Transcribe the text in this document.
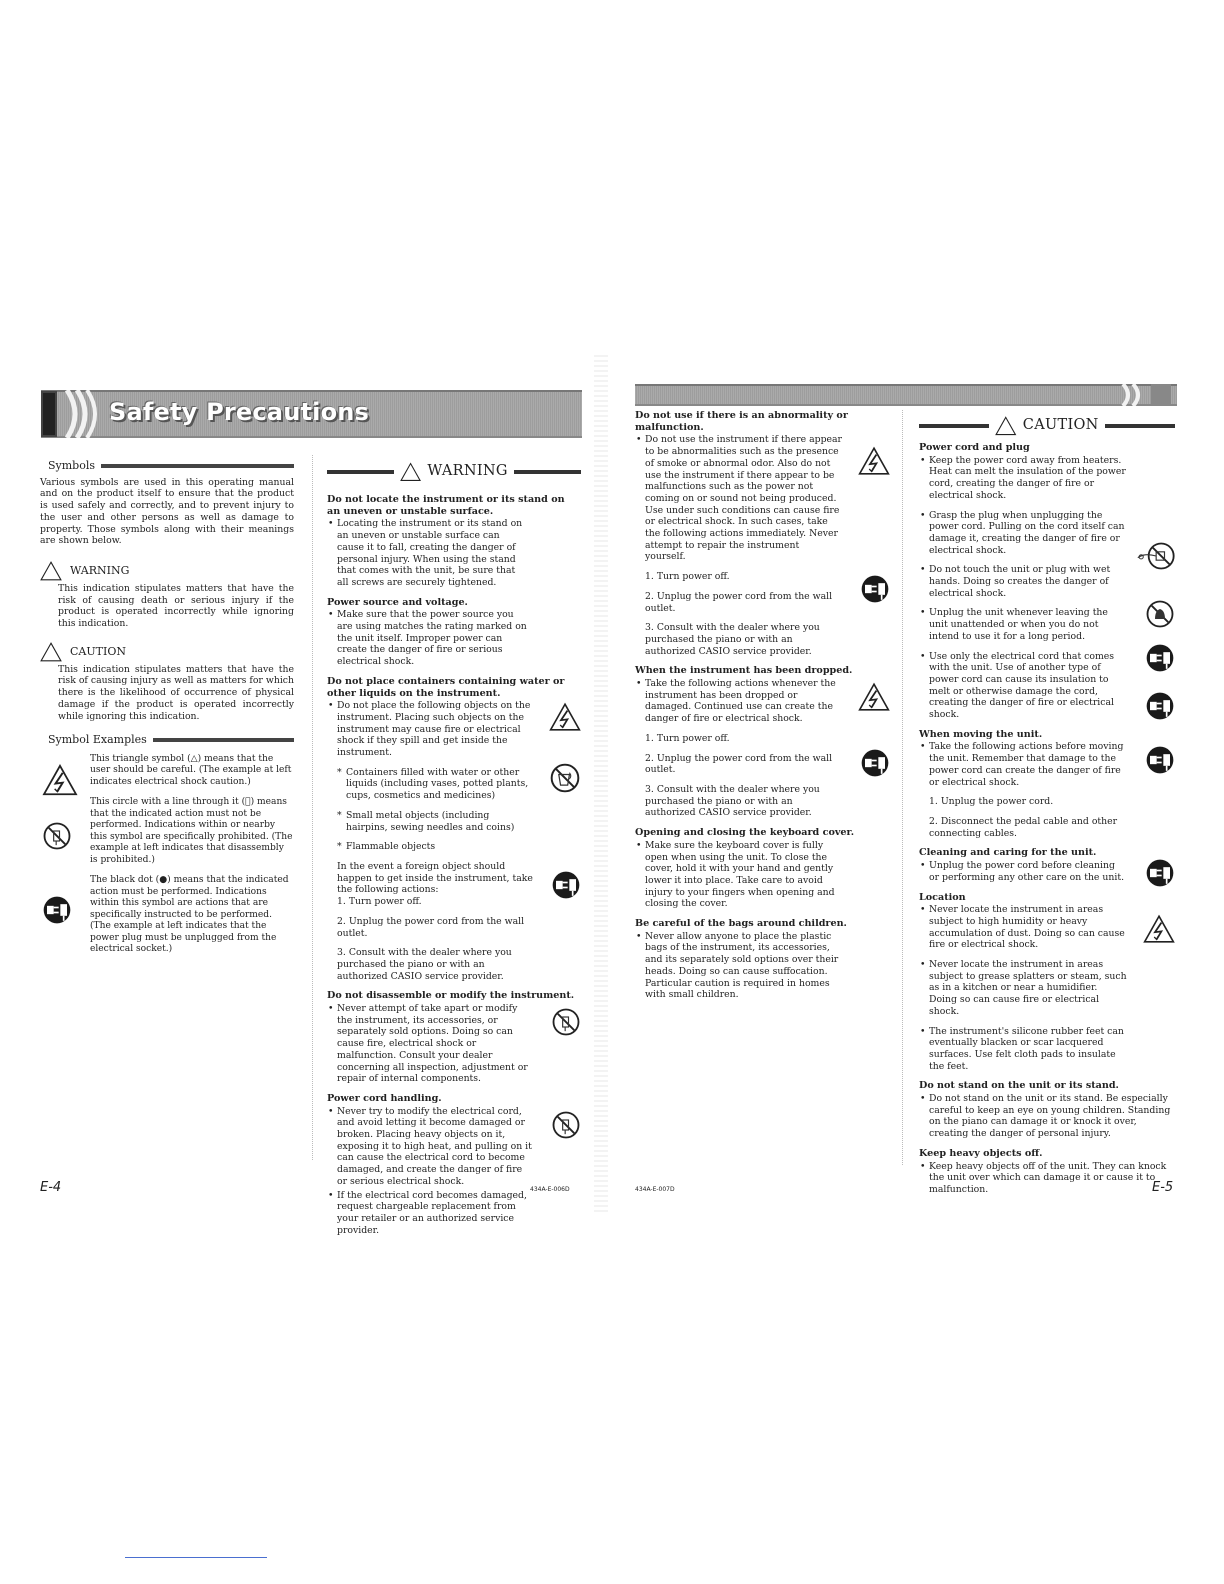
Safety Precautions
Symbols

Various symbols are used in this operating manual and on the product itself to ensure that the product is used safely and correctly, and to prevent injury to the user and other persons as well as damage to property. Those symbols along with their meanings are shown below.

WARNING

This indication stipulates matters that have the risk of causing death or serious injury if the product is operated incorrectly while ignoring this indication.

CAUTION

This indication stipulates matters that have the risk of causing injury as well as matters for which there is the likelihood of occurrence of physical damage if the product is operated incorrectly while ignoring this indication.

Symbol Examples
This triangle symbol (△) means that the user should be careful. (The example at left indicates electrical shock caution.)
This circle with a line through it (⃠) means that the indicated action must not be performed. Indications within or nearby this symbol are specifically prohibited. (The example at left indicates that disassembly is prohibited.)
The black dot (●) means that the indicated action must be performed. Indications within this symbol are actions that are specifically instructed to be performed. (The example at left indicates that the power plug must be unplugged from the electrical socket.)
WARNING
Do not locate the instrument or its stand on an uneven or unstable surface.

• Locating the instrument or its stand on an uneven or unstable surface can cause it to fall, creating the danger of personal injury. When using the stand that comes with the unit, be sure that all screws are securely tightened.

Power source and voltage.

• Make sure that the power source you are using matches the rating marked on the unit itself. Improper power can create the danger of fire or serious electrical shock.

Do not place containers containing water or other liquids on the instrument.

• Do not place the following objects on the instrument. Placing such objects on the instrument may cause fire or electrical shock if they spill and get inside the instrument.

* Containers filled with water or other liquids (including vases, potted plants, cups, cosmetics and medicines)

* Small metal objects (including hairpins, sewing needles and coins)

* Flammable objects

In the event a foreign object should happen to get inside the instrument, take the following actions:

1. Turn power off.

2. Unplug the power cord from the wall outlet.

3. Consult with the dealer where you purchased the piano or with an authorized CASIO service provider.

Do not disassemble or modify the instrument.

• Never attempt of take apart or modify the instrument, its accessories, or separately sold options. Doing so can cause fire, electrical shock or malfunction. Consult your dealer concerning all inspection, adjustment or repair of internal components.

Power cord handling.

• Never try to modify the electrical cord, and avoid letting it become damaged or broken. Placing heavy objects on it, exposing it to high heat, and pulling on it can cause the electrical cord to become damaged, and create the danger of fire or serious electrical shock.

• If the electrical cord becomes damaged, request chargeable replacement from your retailer or an authorized service provider.

E-4	434A-E-006D
Do not use if there is an abnormality or malfunction.

• Do not use the instrument if there appear to be abnormalities such as the presence of smoke or abnormal odor. Also do not use the instrument if there appear to be malfunctions such as the power not coming on or sound not being produced. Use under such conditions can cause fire or electrical shock. In such cases, take the following actions immediately. Never attempt to repair the instrument yourself.

1. Turn power off.

2. Unplug the power cord from the wall outlet.

3. Consult with the dealer where you purchased the piano or with an authorized CASIO service provider.

When the instrument has been dropped.

• Take the following actions whenever the instrument has been dropped or damaged. Continued use can create the danger of fire or electrical shock.

1. Turn power off.

2. Unplug the power cord from the wall outlet.

3. Consult with the dealer where you purchased the piano or with an authorized CASIO service provider.

Opening and closing the keyboard cover.

• Make sure the keyboard cover is fully open when using the unit. To close the cover, hold it with your hand and gently lower it into place. Take care to avoid injury to your fingers when opening and closing the cover.

Be careful of the bags around children.

• Never allow anyone to place the plastic bags of the instrument, its accessories, and its separately sold options over their heads. Doing so can cause suffocation. Particular caution is required in homes with small children.

CAUTION
Power cord and plug

• Keep the power cord away from heaters. Heat can melt the insulation of the power cord, creating the danger of fire or electrical shock.

• Grasp the plug when unplugging the power cord. Pulling on the cord itself can damage it, creating the danger of fire or electrical shock.

• Do not touch the unit or plug with wet hands. Doing so creates the danger of electrical shock.

• Unplug the unit whenever leaving the unit unattended or when you do not intend to use it for a long period.

• Use only the electrical cord that comes with the unit. Use of another type of power cord can cause its insulation to melt or otherwise damage the cord, creating the danger of fire or electrical shock.

When moving the unit.

• Take the following actions before moving the unit. Remember that damage to the power cord can create the danger of fire or electrical shock.

1. Unplug the power cord.

2. Disconnect the pedal cable and other connecting cables.

Cleaning and caring for the unit.

• Unplug the power cord before cleaning or performing any other care on the unit.

Location

• Never locate the instrument in areas subject to high humidity or heavy accumulation of dust. Doing so can cause fire or electrical shock.

• Never locate the instrument in areas subject to grease splatters or steam, such as in a kitchen or near a humidifier. Doing so can cause fire or electrical shock.

• The instrument's silicone rubber feet can eventually blacken or scar lacquered surfaces. Use felt cloth pads to insulate the feet.

Do not stand on the unit or its stand.

• Do not stand on the unit or its stand. Be especially careful to keep an eye on young children. Standing on the piano can damage it or knock it over, creating the danger of personal injury.

Keep heavy objects off.

• Keep heavy objects off of the unit. They can knock the unit over which can damage it or cause it to malfunction.

434A-E-007D	E-5
